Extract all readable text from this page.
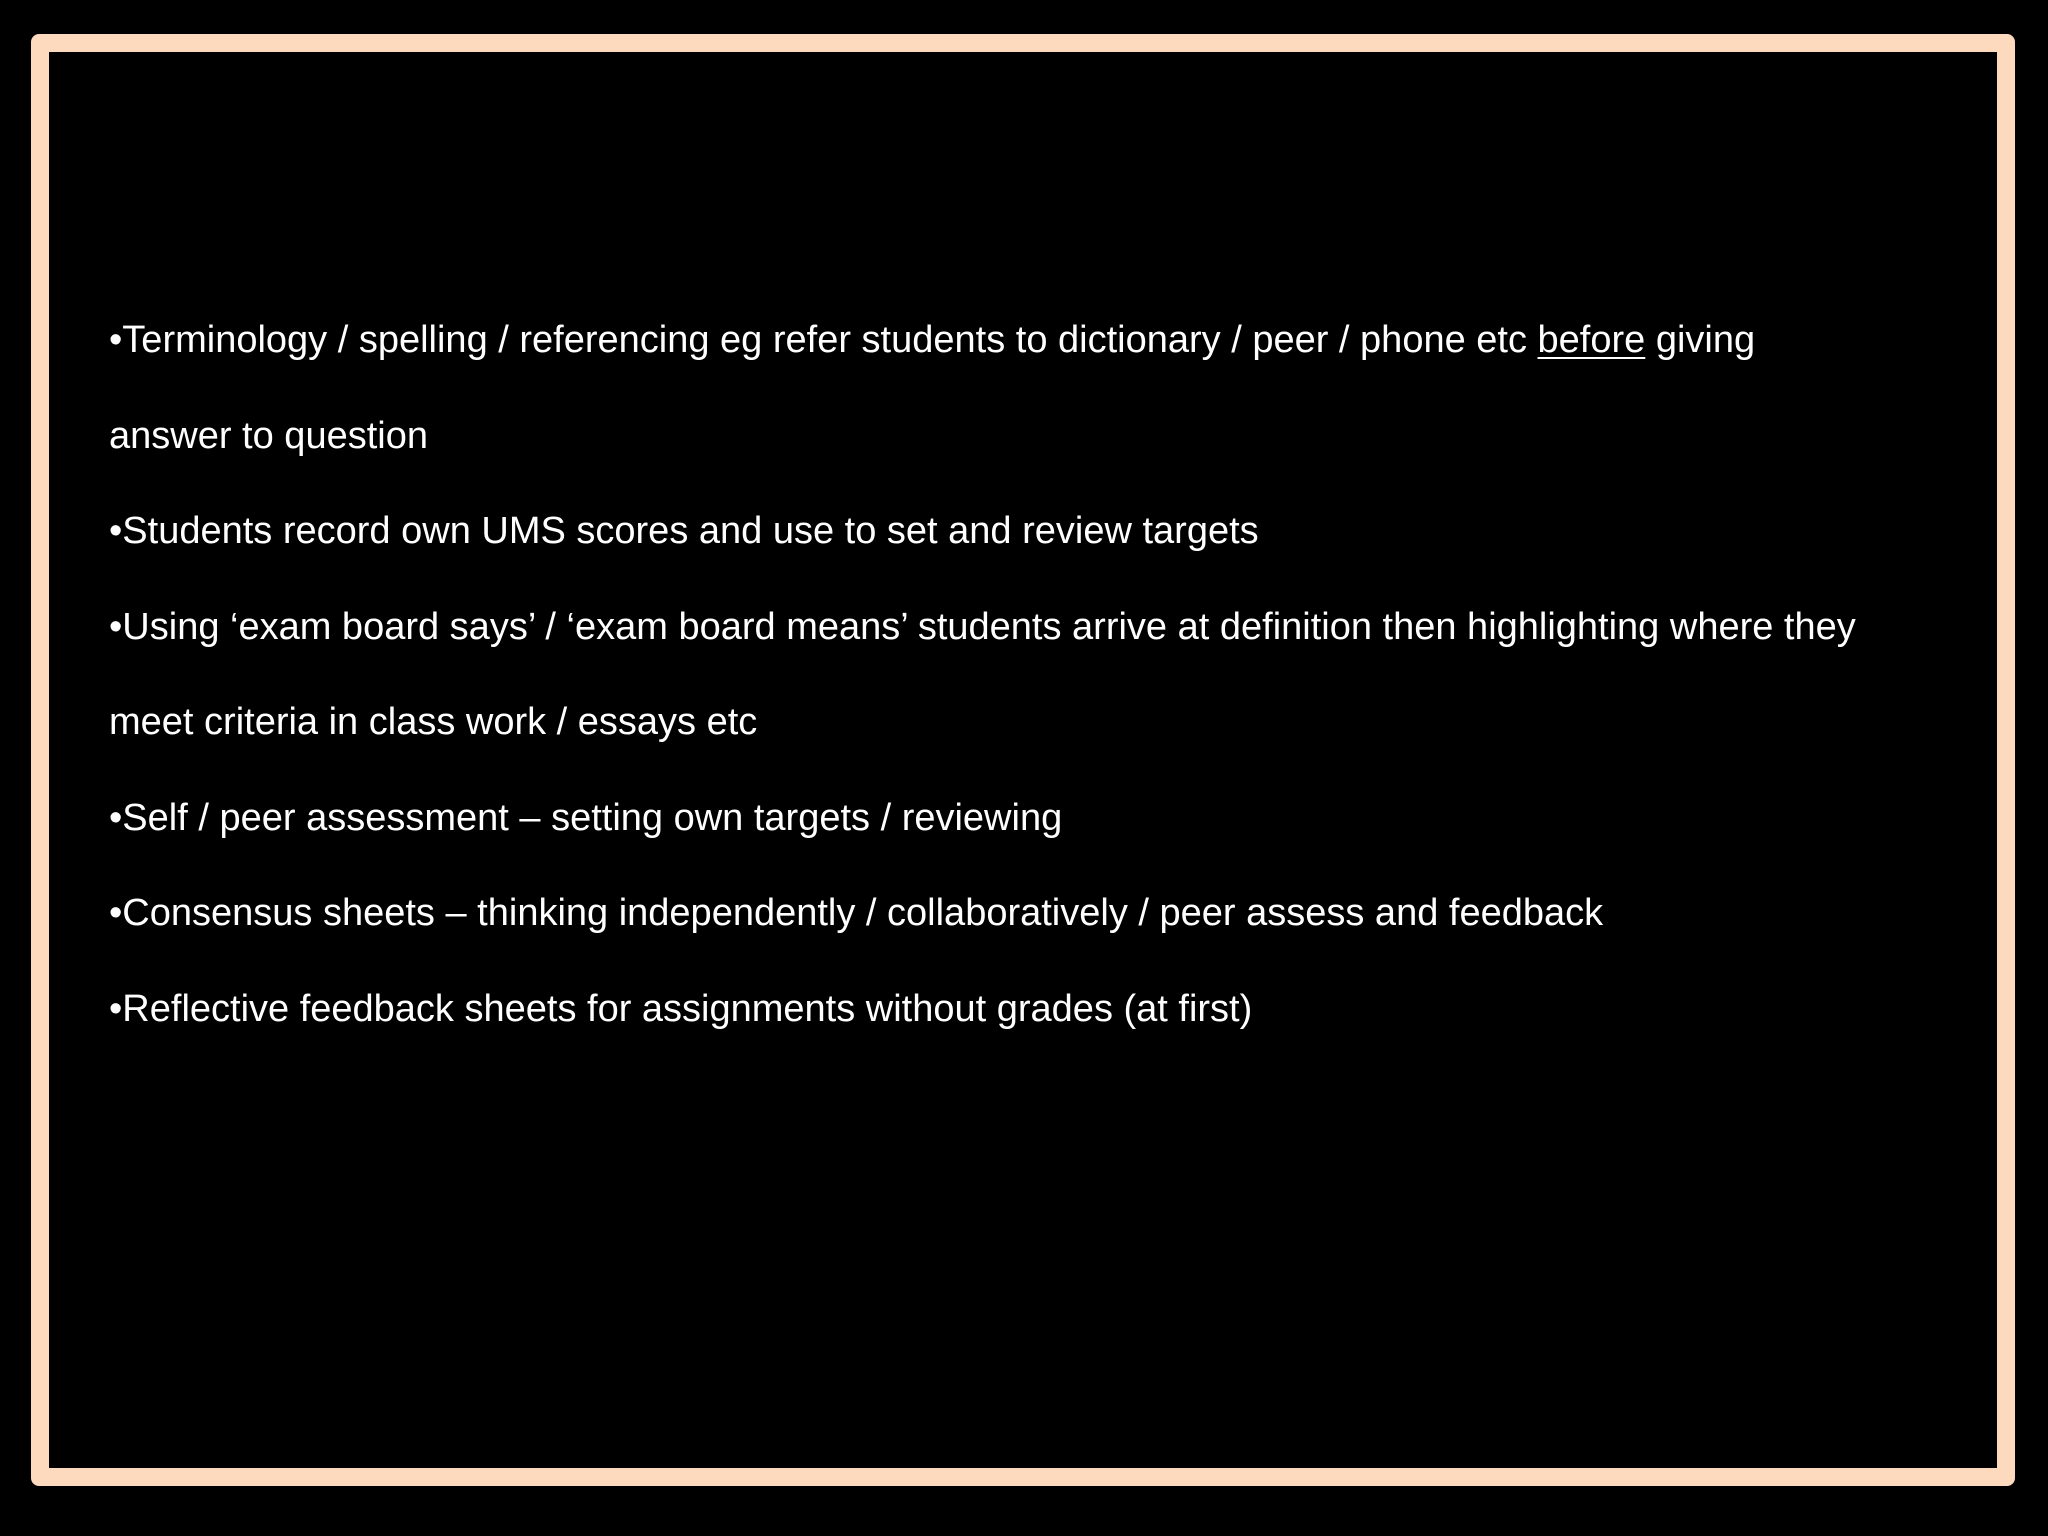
•Terminology / spelling / referencing eg refer students to dictionary / peer / phone etc before giving
answer to question
•Students record own UMS scores and use to set and review targets
•Using ‘exam board says’ / ‘exam board means’ students arrive at definition then highlighting where they
meet criteria in class work / essays etc
•Self / peer assessment – setting own targets / reviewing
•Consensus sheets – thinking independently / collaboratively / peer assess and feedback
•Reflective feedback sheets for assignments without grades (at first)
